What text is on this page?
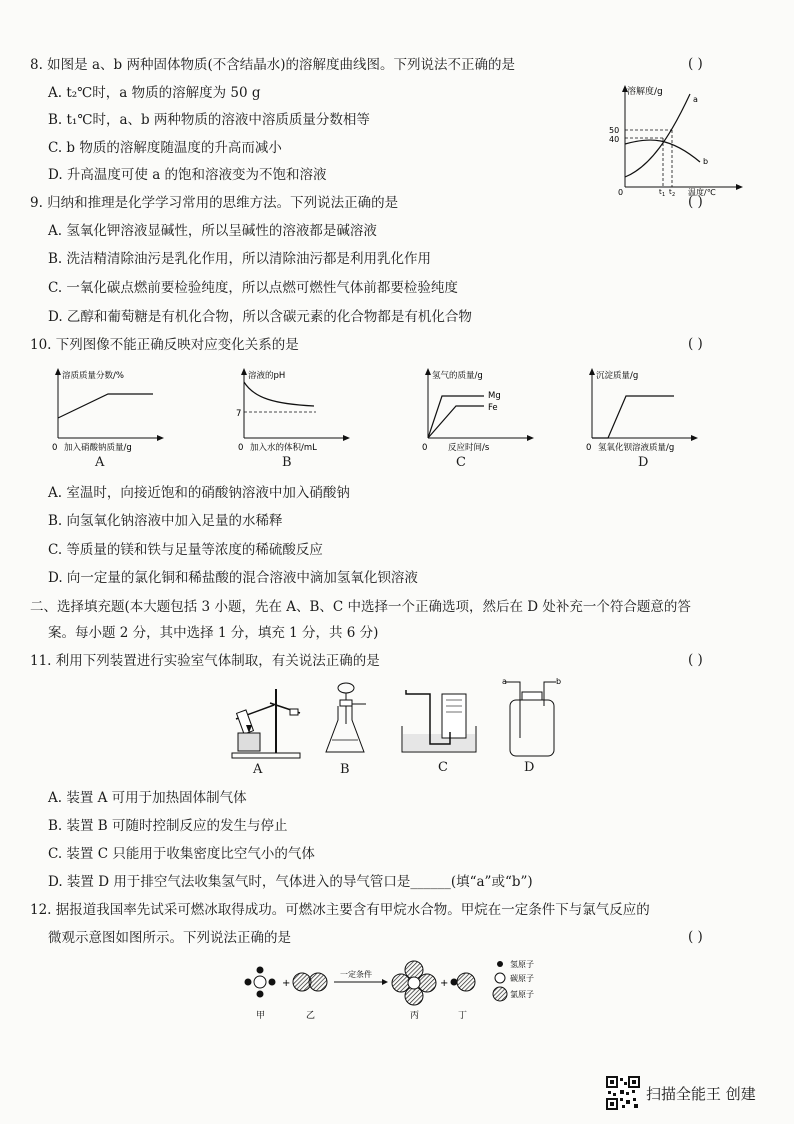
8. 如图是 a、b 两种固体物质(不含结晶水)的溶解度曲线图。下列说法不正确的是	( )
A. t₂℃时，a 物质的溶解度为 50 g
B. t₁℃时，a、b 两种物质的溶液中溶质质量分数相等
C. b 物质的溶解度随温度的升高而减小
D. 升高温度可使 a 的饱和溶液变为不饱和溶液
溶解度/g
温度/℃
0
50
40
a
b
t 1 t 2
9. 归纳和推理是化学学习常用的思维方法。下列说法正确的是	( )
A. 氢氧化钾溶液显碱性，所以呈碱性的溶液都是碱溶液
B. 洗洁精清除油污是乳化作用，所以清除油污都是利用乳化作用
C. 一氧化碳点燃前要检验纯度，所以点燃可燃性气体前都要检验纯度
D. 乙醇和葡萄糖是有机化合物，所以含碳元素的化合物都是有机化合物
10. 下列图像不能正确反映对应变化关系的是	( )
溶质质量分数/%
0 加入硝酸钠质量/g
A
溶液的pH
7
0 加入水的体积/mL
B
氢气的质量/g
Mg
Fe
0 反应时间/s
C
沉淀质量/g
0 氢氧化钡溶液质量/g
D
A. 室温时，向接近饱和的硝酸钠溶液中加入硝酸钠
B. 向氢氧化钠溶液中加入足量的水稀释
C. 等质量的镁和铁与足量等浓度的稀硫酸反应
D. 向一定量的氯化铜和稀盐酸的混合溶液中滴加氢氧化钡溶液
二、选择填充题(本大题包括 3 小题，先在 A、B、C 中选择一个正确选项，然后在 D 处补充一个符合题意的答
案。每小题 2 分，其中选择 1 分，填充 1 分，共 6 分)
11. 利用下列装置进行实验室气体制取，有关说法正确的是	( )
A	B	C
a	b
D
A. 装置 A 可用于加热固体制气体
B. 装置 B 可随时控制反应的发生与停止
C. 装置 C 只能用于收集密度比空气小的气体
D. 装置 D 用于排空气法收集氢气时，气体进入的导气管口是______(填“a”或“b”)
12. 据报道我国率先试采可燃冰取得成功。可燃冰主要含有甲烷水合物。甲烷在一定条件下与氯气反应的
微观示意图如图所示。下列说法正确的是	( )
+
一定条件
+
氢原子
碳原子
氯原子
甲	乙	丙	丁
扫描全能王 创建
